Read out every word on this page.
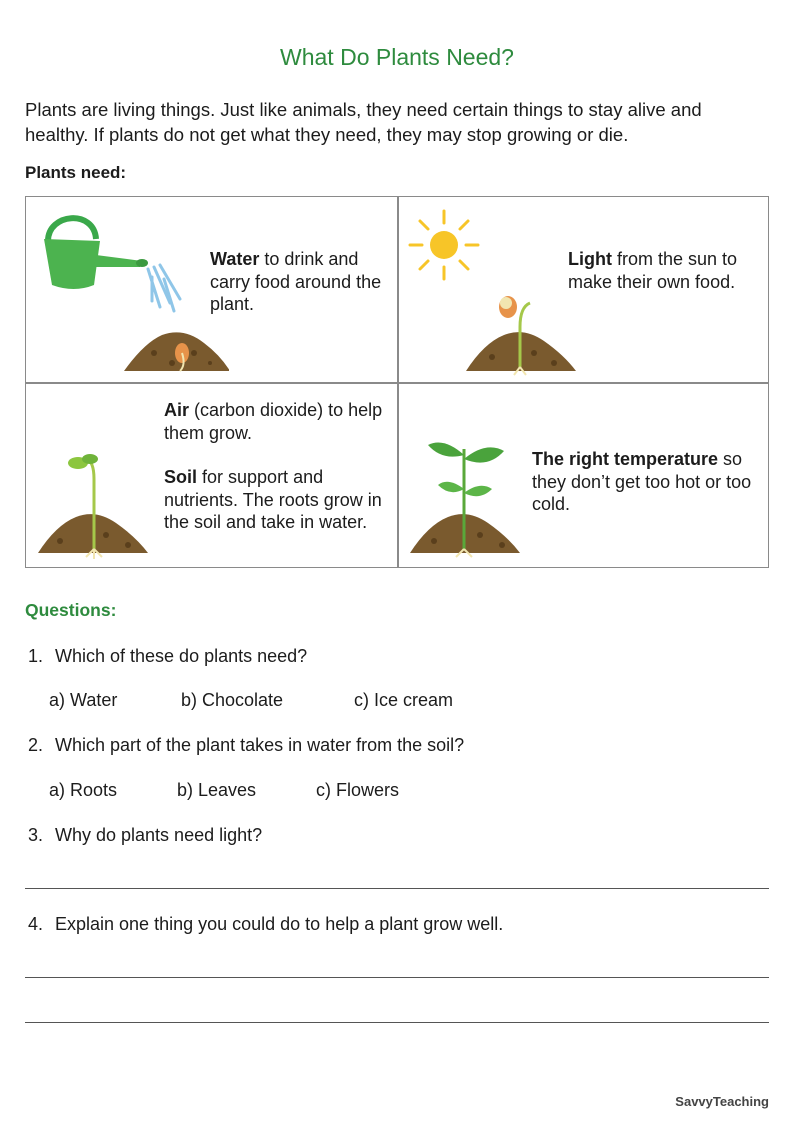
What Do Plants Need?
Plants are living things. Just like animals, they need certain things to stay alive and healthy. If plants do not get what they need, they may stop growing or die.
Plants need:
Water to drink and carry food around the plant.
Light from the sun to make their own food.
Air (carbon dioxide) to help them grow.
Soil for support and nutrients. The roots grow in the soil and take in water.
The right temperature so they don’t get too hot or too cold.
Questions:
1. Which of these do plants need?
a) Water	b) Chocolate	c) Ice cream
2. Which part of the plant takes in water from the soil?
a) Roots	b) Leaves	c) Flowers
3. Why do plants need light?
4. Explain one thing you could do to help a plant grow well.
SavvyTeaching
